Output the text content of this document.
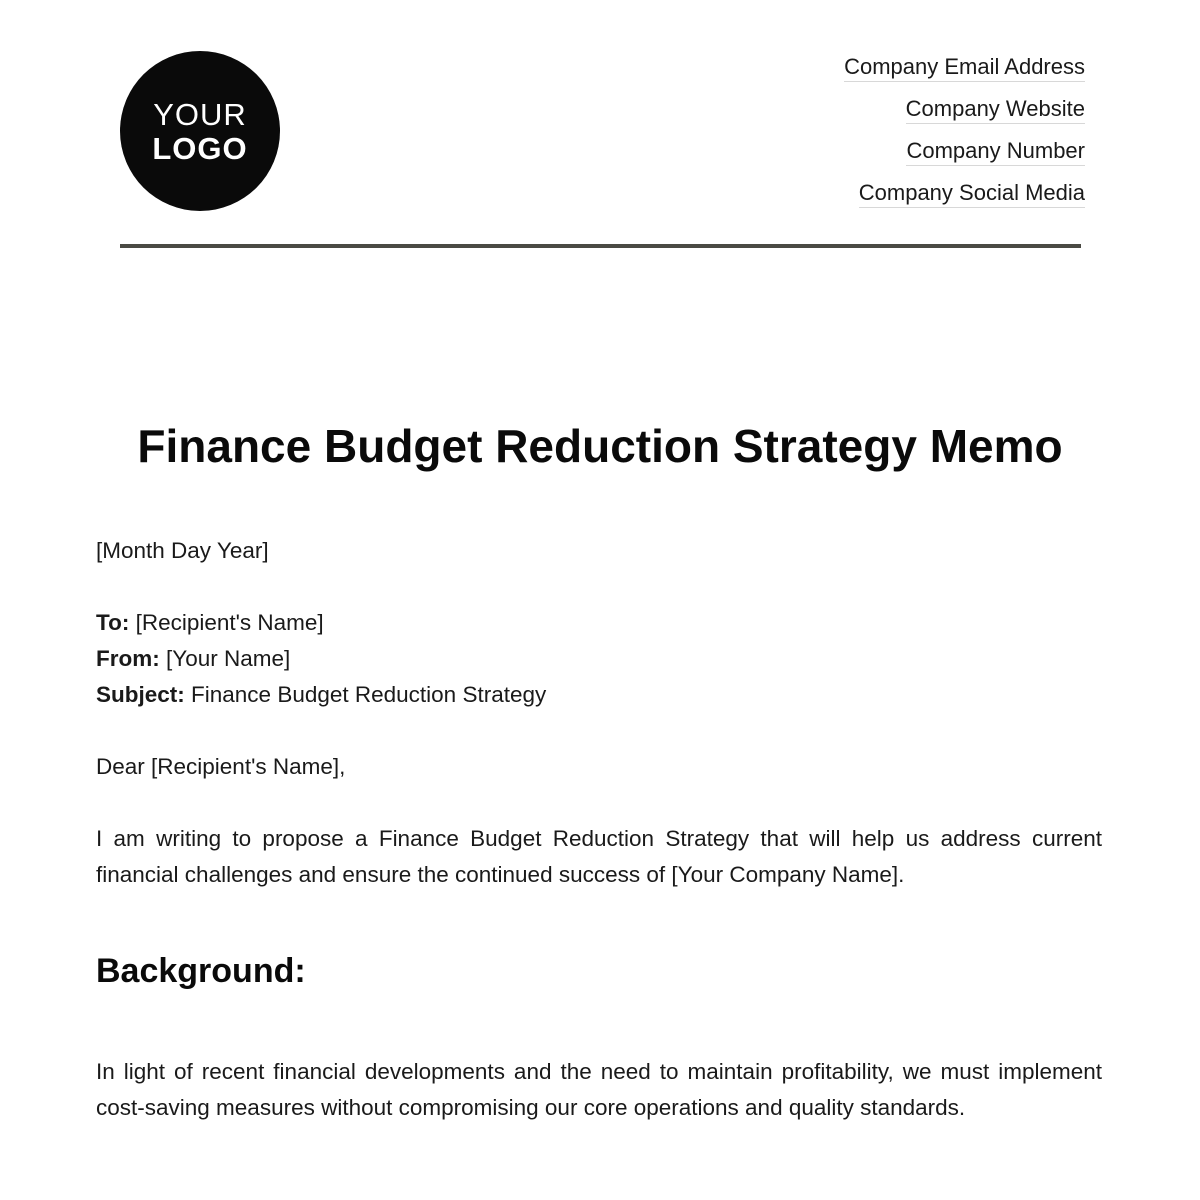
YOUR
LOGO
Company Email Address
Company Website
Company Number
Company Social Media
Finance Budget Reduction Strategy Memo
[Month Day Year]
To: [Recipient's Name]
From: [Your Name]
Subject: Finance Budget Reduction Strategy
Dear [Recipient's Name],
I am writing to propose a Finance Budget Reduction Strategy that will help us address current financial challenges and ensure the continued success of [Your Company Name].
Background:
In light of recent financial developments and the need to maintain profitability, we must implement cost-saving measures without compromising our core operations and quality standards.
